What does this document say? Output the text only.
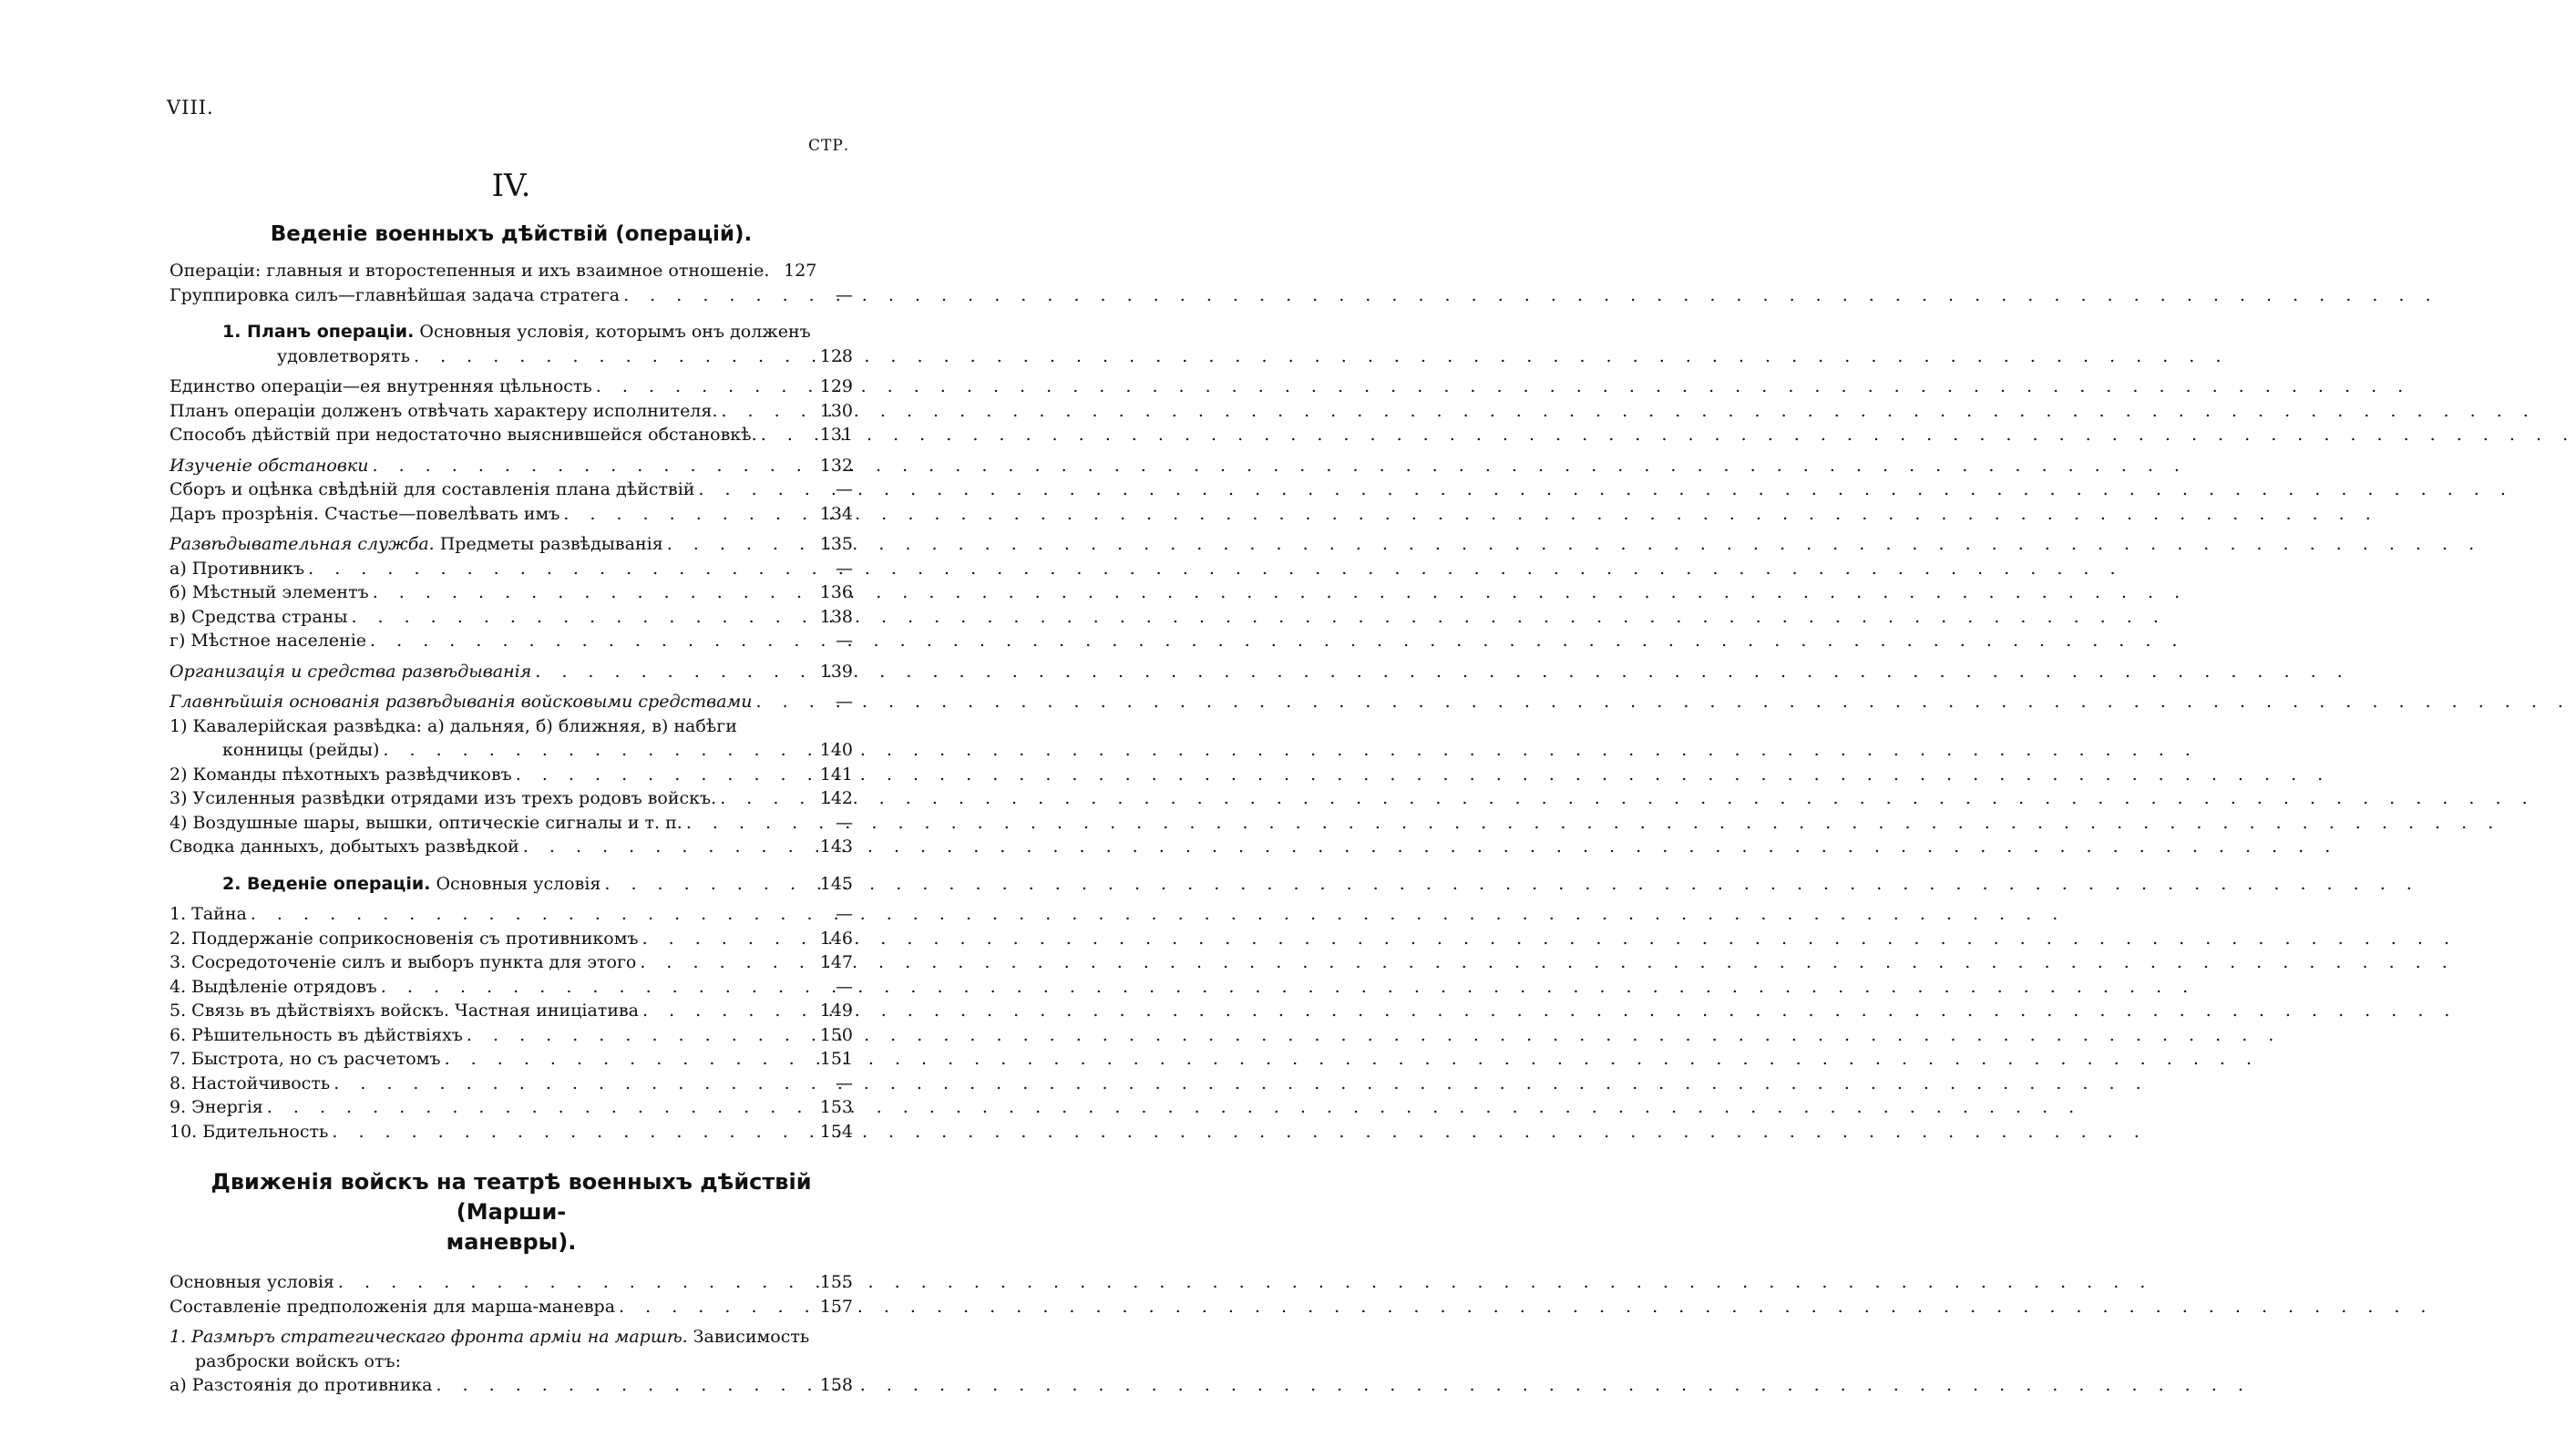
VIII.
СТР.
IV.
Веденіе военныхъ дѣйствій (операцій).
Операціи: главныя и второстепенныя и ихъ взаимное отношеніе. 127
Группировка силъ—главнѣйшая задача стратега . . .	—
1. Планъ операціи. Основныя условія, которымъ онъ долженъ
удовлетворять . . .	128
Единство операціи—ея внутренняя цѣльность . . .	129
Планъ операціи долженъ отвѣчать характеру исполнителя. . . .	130
Способъ дѣйствій при недостаточно выяснившейся обстановкѣ. . . .	131
Изученіе обстановки . . .	132
Сборъ и оцѣнка свѣдѣній для составленія плана дѣйствій . . .	—
Даръ прозрѣнія. Счастье—повелѣвать имъ . . .	134
Развѣдывательная служба. Предметы развѣдыванія . . .	135
а) Противникъ . . .	—
б) Мѣстный элементъ . . .	136
в) Средства страны . . .	138
г) Мѣстное населеніе . . .	—
Организація и средства развѣдыванія . . .	139
Главнѣйшія основанія развѣдыванія войсковыми средствами . . .	—
1) Кавалерійская развѣдка: а) дальняя, б) ближняя, в) набѣги
конницы (рейды) . . .	140
2) Команды пѣхотныхъ развѣдчиковъ . . .	141
3) Усиленныя развѣдки отрядами изъ трехъ родовъ войскъ. . . .	142
4) Воздушные шары, вышки, оптическіе сигналы и т. п. . . .	—
Сводка данныхъ, добытыхъ развѣдкой . . .	143
2. Веденіе операціи. Основныя условія . . .	145
1. Тайна . . .	—
2. Поддержаніе соприкосновенія съ противникомъ . . .	146
3. Сосредоточеніе силъ и выборъ пункта для этого . . .	147
4. Выдѣленіе отрядовъ . . .	—
5. Связь въ дѣйствіяхъ войскъ. Частная иниціатива . . .	149
6. Рѣшительность въ дѣйствіяхъ . . .	150
7. Быстрота, но съ расчетомъ . . .	151
8. Настойчивость . . .	—
9. Энергія . . .	153
10. Бдительность . . .	154
Движенія войскъ на театрѣ военныхъ дѣйствій (Марши-
маневры).
Основныя условія . . .	155
Составленіе предположенія для марша-маневра . . .	157
1. Размѣръ стратегическаго фронта арміи на маршѣ. Зависимость
разброски войскъ отъ:
а) Разстоянія до противника . . .	158
